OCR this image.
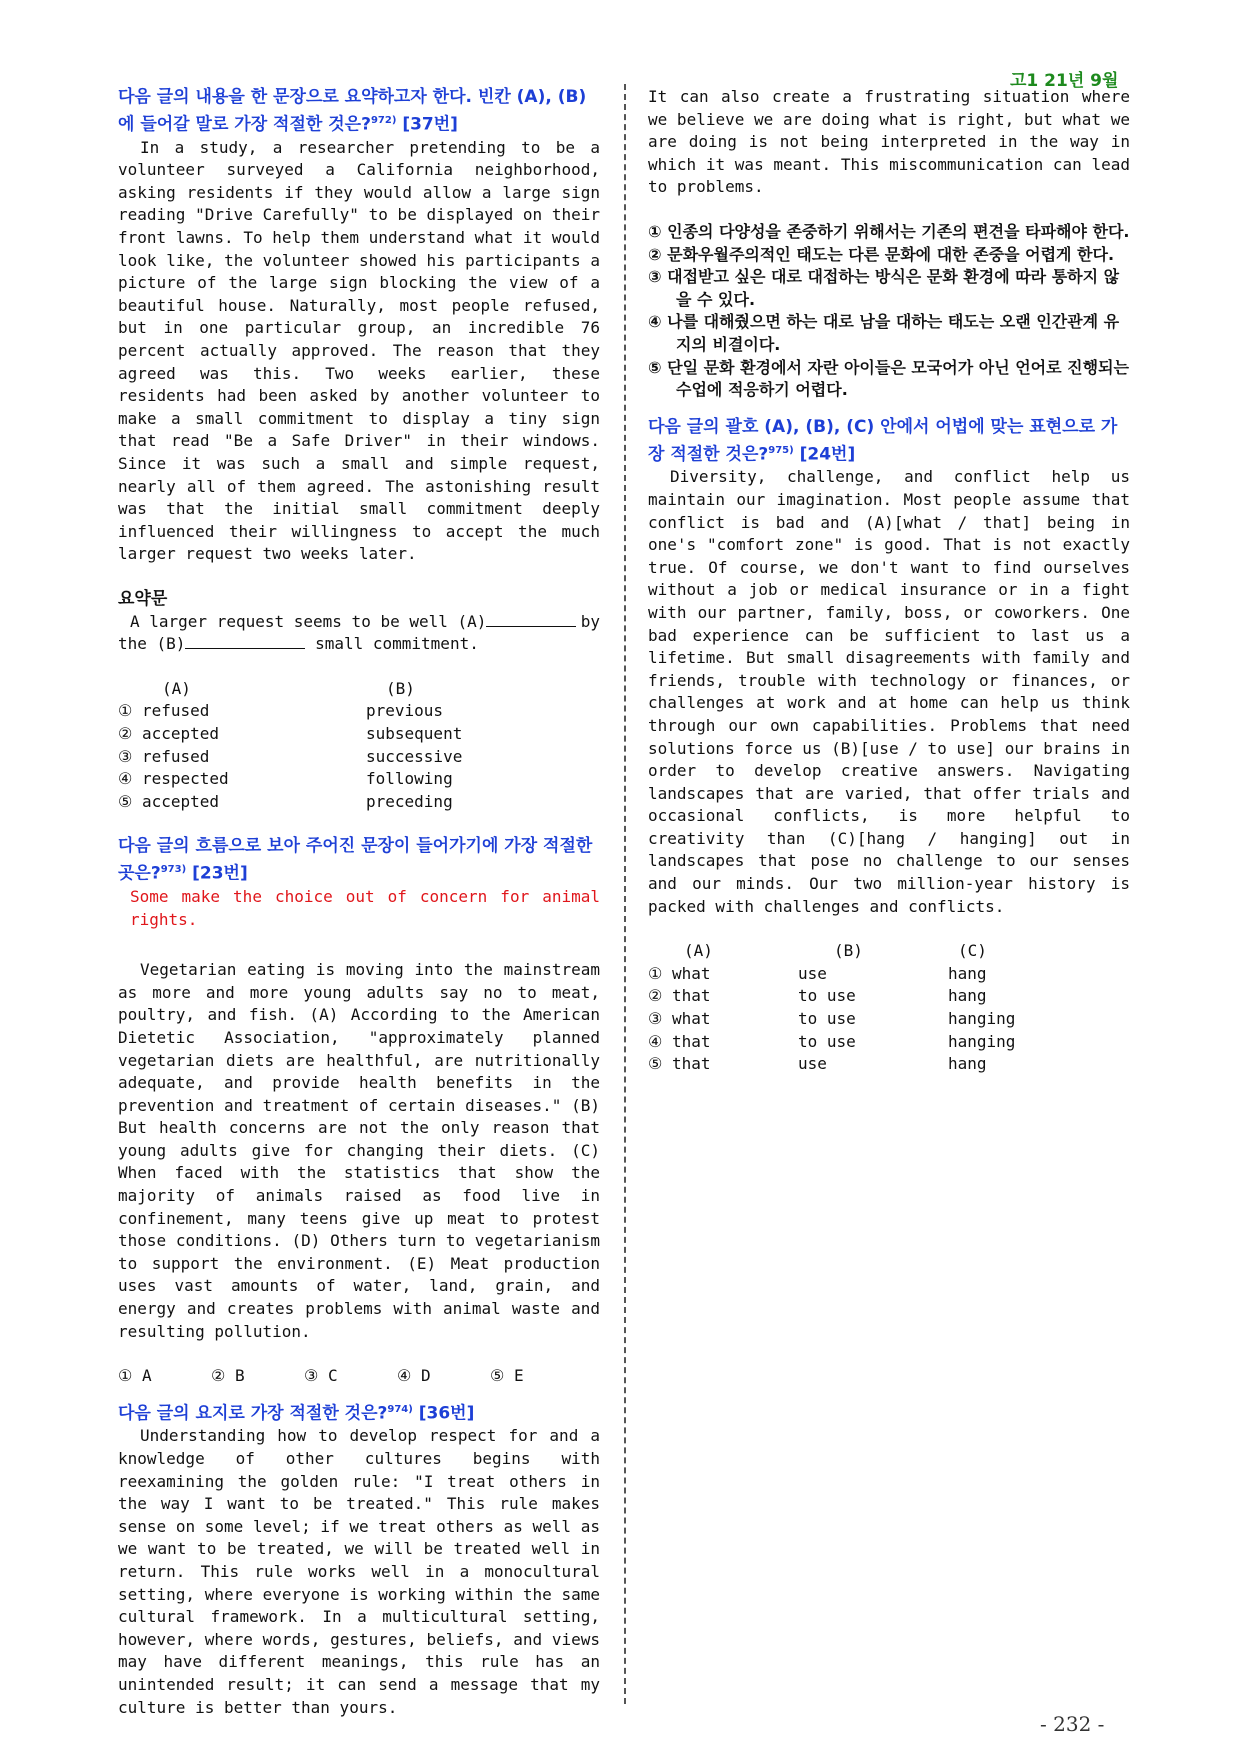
고1 21년 9월

다음 글의 내용을 한 문장으로 요약하고자 한다. 빈칸 (A), (B)에 들어갈 말로 가장 적절한 것은?$^{972)}$ [37번]

In a study, a researcher pretending to be a volunteer surveyed a California neighborhood, asking residents if they would allow a large sign reading "Drive Carefully" to be displayed on their front lawns. To help them understand what it would look like, the volunteer showed his participants a picture of the large sign blocking the view of a beautiful house. Naturally, most people refused, but in one particular group, an incredible 76 percent actually approved. The reason that they agreed was this. Two weeks earlier, these residents had been asked by another volunteer to make a small commitment to display a tiny sign that read "Be a Safe Driver" in their windows. Since it was such a small and simple request, nearly all of them agreed. The astonishing result was that the initial small commitment deeply influenced their willingness to accept the much larger request two weeks later.

요약문

A larger request seems to be well (A)	by

the (B)	small commitment.

(A)	(B)
① refused	previous
② accepted	subsequent
③ refused	successive
④ respected	following
⑤ accepted	preceding

다음 글의 흐름으로 보아 주어진 문장이 들어가기에 가장 적절한 곳은?$^{973)}$ [23번]

Some make the choice out of concern for animal rights.

Vegetarian eating is moving into the mainstream as more and more young adults say no to meat, poultry, and fish. (A) According to the American Dietetic Association, "approximately planned vegetarian diets are healthful, are nutritionally adequate, and provide health benefits in the prevention and treatment of certain diseases." (B) But health concerns are not the only reason that young adults give for changing their diets. (C) When faced with the statistics that show the majority of animals raised as food live in confinement, many teens give up meat to protest those conditions. (D) Others turn to vegetarianism to support the environment. (E) Meat production uses vast amounts of water, land, grain, and energy and creates problems with animal waste and resulting pollution.

① A	② B	③ C	④ D	⑤ E

다음 글의 요지로 가장 적절한 것은?$^{974)}$ [36번]

Understanding how to develop respect for and a knowledge of other cultures begins with reexamining the golden rule: "I treat others in the way I want to be treated." This rule makes sense on some level; if we treat others as well as we want to be treated, we will be treated well in return. This rule works well in a monocultural setting, where everyone is working within the same cultural framework. In a multicultural setting, however, where words, gestures, beliefs, and views may have different meanings, this rule has an unintended result; it can send a message that my culture is better than yours.

It can also create a frustrating situation where we believe we are doing what is right, but what we are doing is not being interpreted in the way in which it was meant. This miscommunication can lead to problems.

① 인종의 다양성을 존중하기 위해서는 기존의 편견을 타파해야 한다.

② 문화우월주의적인 태도는 다른 문화에 대한 존중을 어렵게 한다.

③ 대접받고 싶은 대로 대접하는 방식은 문화 환경에 따라 통하지 않을 수 있다.

④ 나를 대해줬으면 하는 대로 남을 대하는 태도는 오랜 인간관계 유지의 비결이다.

⑤ 단일 문화 환경에서 자란 아이들은 모국어가 아닌 언어로 진행되는 수업에 적응하기 어렵다.

다음 글의 괄호 (A), (B), (C) 안에서 어법에 맞는 표현으로 가장 적절한 것은?$^{975)}$ [24번]

Diversity, challenge, and conflict help us maintain our imagination. Most people assume that conflict is bad and (A)[what / that] being in one's "comfort zone" is good. That is not exactly true. Of course, we don't want to find ourselves without a job or medical insurance or in a fight with our partner, family, boss, or coworkers. One bad experience can be sufficient to last us a lifetime. But small disagreements with family and friends, trouble with technology or finances, or challenges at work and at home can help us think through our own capabilities. Problems that need solutions force us (B)[use / to use] our brains in order to develop creative answers. Navigating landscapes that are varied, that offer trials and occasional conflicts, is more helpful to creativity than (C)[hang / hanging] out in landscapes that pose no challenge to our senses and our minds. Our two million-year history is packed with challenges and conflicts.

(A)	(B)	(C)
① what	use	hang
② that	to use	hang
③ what	to use	hanging
④ that	to use	hanging
⑤ that	use	hang
- 232 -
